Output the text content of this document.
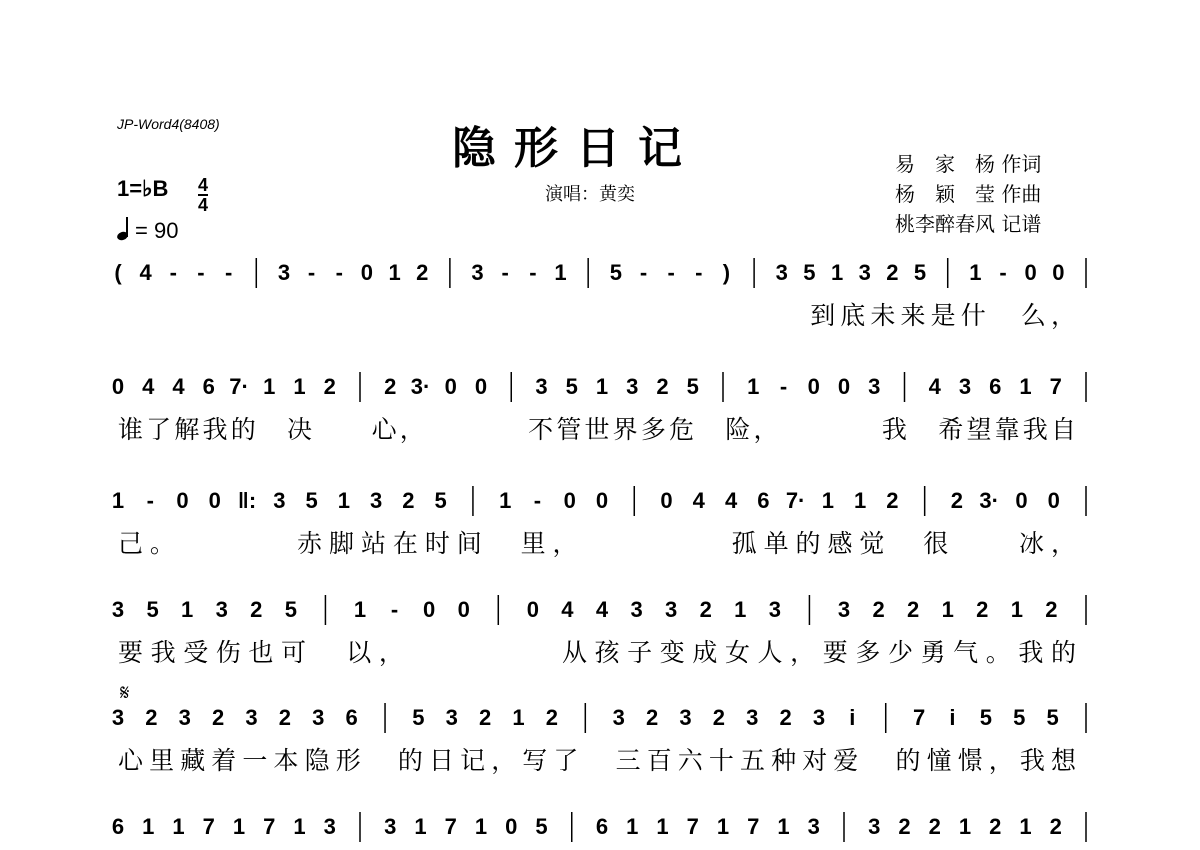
JP-Word4(8408)	隐形日记
演唱：黄奕
易　家　杨 作词
杨　颖　莹 作曲
桃李醉春风 记谱
1=♭B 4
4
= 90
( 4 - - - 3 - - 0 1 2 3 - - 1 5 - - - ) 3 5 1 3 2 5 1 - 0 0
　　　　　　　　　　　　　　　　　　　　　　　到底未来是什　么，
0 4 4 6 7· 1 1 2 2 3· 0 0 3 5 1 3 2 5 1 - 0 0 3 4 3 6 1 7
谁了解我的　决　　心，　　　　不管世界多危　险，　　　　我　希望靠我自
1 - 0 0 ‖: 3 5 1 3 2 5 1 - 0 0 0 4 4 6 7· 1 1 2 2 3· 0 0
己。　　　　赤脚站在时间　里，　　　　　孤单的感觉　很　　冰，
3 5 1 3 2 5	1 - 0 0	0 4 4 3 3 2 1 3	3 2 2 1 2 1 2
要我受伤也可　以，　　　　　从孩子变成女人，要多少勇气。我的
𝄋
3 2 3 2 3 2 3 6 5 3 2 1 2 3 2 3 2 3 2 3 i	7 i 5 5 5
心里藏着一本隐形　的日记，写了　三百六十五种对爱　的憧憬，我想
6 1 1 7 1 7 1 3 3 1 7 1 0 5 6 1 1 7 1 7 1 3 3 2 2 1 2 1 2
